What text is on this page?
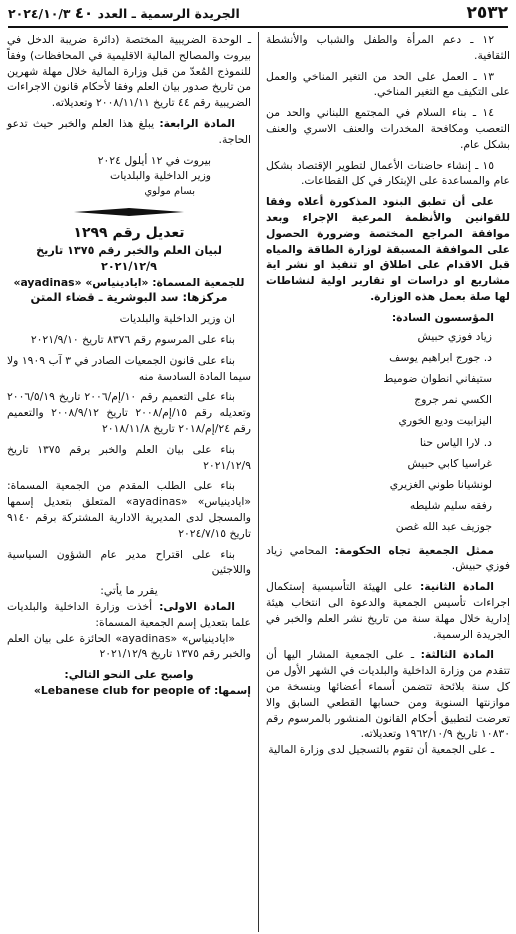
٢٥٣٢
الجريدة الرسمية ـ العدد ٤٠ ٢٠٢٤/١٠/٣

١٢ ـ دعم المرأة والطفل والشباب والأنشطة الثقافية.

١٣ ـ العمل على الحد من التغير المناخي والعمل على التكيف مع التغير المناخي.

١٤ ـ بناء السلام في المجتمع اللبناني والحد من التعصب ومكافحة المخدرات والعنف الاسري والعنف بشكل عام.

١٥ ـ إنشاء حاضنات الأعمال لتطوير الإقتصاد بشكل عام والمساعدة على الإبتكار في كل القطاعات.

على أن تطبق البنود المذكورة أعلاه وفقا للقوانين والأنظمة المرعية الإجراء وبعد موافقة المراجع المختصة وضرورة الحصول على الموافقة المسبقة لوزارة الطاقة والمياه قبل الاقدام على اطلاق او تنفيذ او نشر اية مشاريع او دراسات او تقارير اولية لنشاطات لها صلة بعمل هذه الوزارة.

المؤسسون السادة:

زياد فوزي حبيش
د. جورج ابراهيم يوسف
ستيفاني انطوان ضوميط
الكسي نمر جروج
اليزابيت وديع الخوري
د. لارا الياس حنا
غراسيا كابي حبيش
لونشيانا طوني الغزيري
رفقه سليم شليطه
جوزيف عبد الله غصن

ممثل الجمعية تجاه الحكومة: المحامي زياد فوزي حبيش.

المادة الثانية: على الهيئة التأسيسية إستكمال اجراءات تأسيس الجمعية والدعوة الى انتخاب هيئة إدارية خلال مهلة سنة من تاريخ نشر العلم والخبر في الجريدة الرسمية.

المادة الثالثة: ـ على الجمعية المشار اليها أن تتقدم من وزارة الداخلية والبلديات في الشهر الأول من كل سنة بلائحة تتضمن أسماء أعضائها وبنسخة من موازنتها السنوية ومن حسابها القطعي السابق والا تعرضت لتطبيق أحكام القانون المنشور بالمرسوم رقم ١٠٨٣٠ تاريخ ١٩٦٢/١٠/٩ وتعديلاته.

ـ على الجمعية أن تقوم بالتسجيل لدى وزارة المالية

ـ الوحدة الضريبية المختصة (دائرة ضريبة الدخل في بيروت والمصالح المالية الاقليمية في المحافظات) وفقاً للنموذج المُعدّ من قبل وزارة المالية خلال مهلة شهرين من تاريخ صدور بيان العلم وفقا لأحكام قانون الاجراءات الضريبية رقم ٤٤ تاريخ ٢٠٠٨/١١/١١ وتعديلاته.

المادة الرابعة: يبلغ هذا العلم والخبر حيث تدعو الحاجة.

بيروت في ١٢ أيلول ٢٠٢٤
وزير الداخلية والبلديات
بسام مولوي
تعديل رقم ١٢٩٩

لبيان العلم والخبر رقم ١٣٧٥ تاريخ ٢٠٢١/١٢/٩

للجمعية المسماة: «ايادينياس» «ayadinas»

مركزها: سد البوشرية ـ قضاء المتن

ان وزير الداخلية والبلديات

بناء على المرسوم رقم ٨٣٧٦ تاريخ ٢٠٢١/٩/١٠

بناء على قانون الجمعيات الصادر في ٣ آب ١٩٠٩ ولا سيما المادة السادسة منه

بناء على التعميم رقم ١٠/إم/٢٠٠٦ تاريخ ٢٠٠٦/٥/١٩ وتعديله رقم ١٥/إم/٢٠٠٨ تاريخ ٢٠٠٨/٩/١٢ والتعميم رقم ٢٤/إم/٢٠١٨ تاريخ ٢٠١٨/١١/٨

بناء على بيان العلم والخبر برقم ١٣٧٥ تاريخ ٢٠٢١/١٢/٩

بناء على الطلب المقدم من الجمعية المسماة: «ايادينياس» «ayadinas» المتعلق بتعديل إسمها والمسجل لدى المديرية الادارية المشتركة برقم ٩١٤٠ تاريخ ٢٠٢٤/٧/١٥

بناء على اقتراح مدير عام الشؤون السياسية واللاجئين

يقرر ما يأتي:

المادة الاولى: أخذت وزارة الداخلية والبلديات علما بتعديل إسم الجمعية المسماة:

«ايادينياس» «ayadinas» الحائزة على بيان العلم والخبر رقم ١٣٧٥ تاريخ ٢٠٢١/١٢/٩

واصبح على النحو التالي:

إسمها: «Lebanese club for people of
